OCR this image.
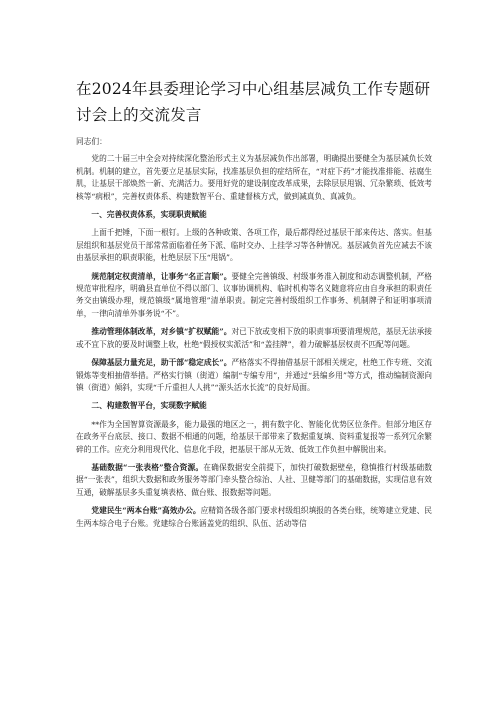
在2024年县委理论学习中心组基层减负工作专题研
讨会上的交流发言

同志们：

党的二十届三中全会对持续深化整治形式主义为基层减负作出部署，明确提出要健全为基层减负长效机制。机制的建立，首先要立足基层实际，找准基层负担的症结所在，“对症下药”才能找准排能、祛腐生肌，让基层干部焕然一新、充满活力。要用好党的建设制度改革成果，去除层层甩锅、冗杂繁琐、低效考核等“病根”，完善权责体系、构建数智平台、重建督核方式，做到减真负、真减负。

一、完善权责体系，实现职责赋能

上面千把锤，下面一根钉。上级的各种政策、各项工作，最后都得经过基层干部来传达、落实。但基层组织和基层党员干部常常面临着任务下派、临时交办、上挂学习等各种情况。基层减负首先应减去不该由基层承担的职责职能，杜绝层层下压“甩锅”。

规范制定权责清单，让事务“名正言顺”。要健全完善镇级、村级事务准入制度和动态调整机制，严格规范审批程序，明确县直单位不得以部门、议事协调机构、临时机构等名义随意将应由自身承担的职责任务交由镇级办理，规范镇级“属地管理”清单职责。制定完善村级组织工作事务、机制牌子和证明事项清单，一律向清单外事务说“不”。

推动管理体制改革，对乡镇“扩权赋能”。对已下放或变相下放的职责事项要清理规范，基层无法承接或不宜下放的要及时调整上收，杜绝“假授权实派活”和“盖挂牌”，着力破解基层权责不匹配等问题。

保障基层力量充足，助干部“稳定成长”。严格落实不得抽借基层干部相关规定，杜绝工作专班、交流锻炼等变相抽借举措。严格实行镇（街道）编制“专编专用”，并通过“县编乡用”等方式，推动编制资源向镇（街道）倾斜，实现“千斤重担人人挑”“源头活水长流”的良好局面。

二、构建数智平台，实现数字赋能

**作为全国智算资源最多，能力最强的地区之一，拥有数字化、智能化优势区位条件。但部分地区存在政务平台底层、接口、数据不相通的问题，给基层干部带来了数据重复填、资料重复报等一系列冗余繁碎的工作。应充分利用现代化、信息化手段，把基层干部从无效、低效工作负担中解脱出来。

基础数据“一张表格”整合资源。在确保数据安全前提下，加快打破数据壁垒，稳慎推行村级基础数据“一张表”，组织大数据和政务服务等部门牵头整合综治、人社、卫健等部门的基础数据，实现信息有效互通，破解基层多头重复填表格、做台账、报数据等问题。

党建民生“两本台账”高效办公。应精简各级各部门要求村级组织填报的各类台账，统筹建立党建、民生两本综合电子台账。党建综合台账涵盖党的组织、队伍、活动等信
